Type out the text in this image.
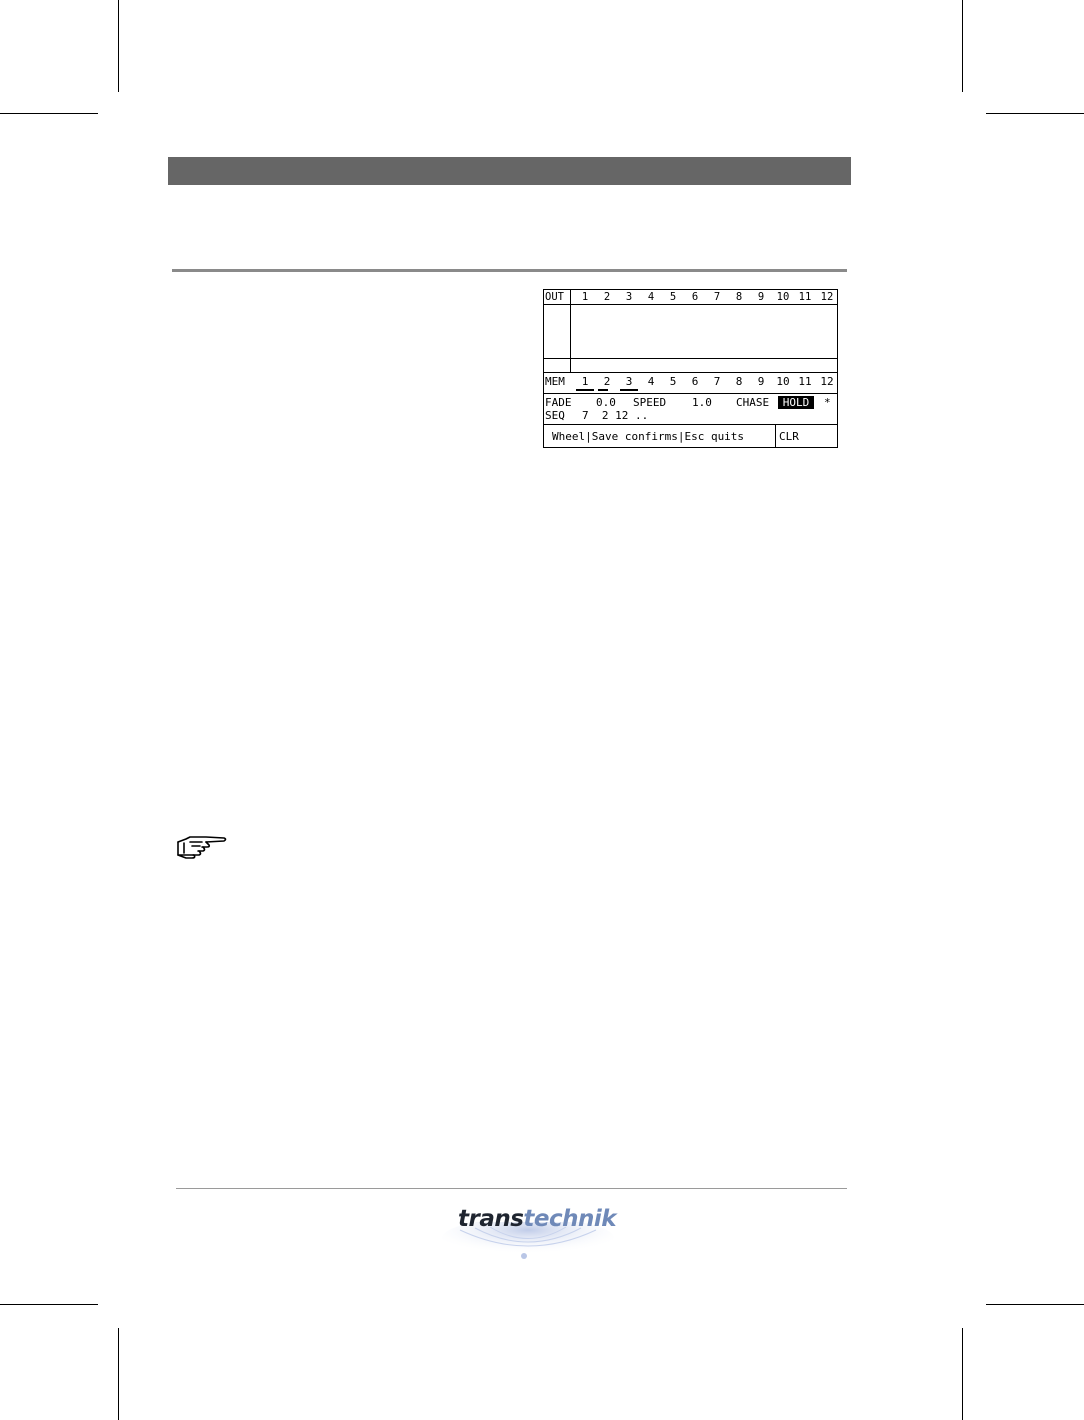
OUT	1	2	3	4	5	6	7	8	9	10 11 12
MEM	1	2	3	4	5	6	7	8	9	10 11 12
FADE 0.0 SPEED 1.0 CHASE	HOLD	*
SEQ 7  2 12 ..
Wheel|Save confirms|Esc quits	CLR
transtechnik
